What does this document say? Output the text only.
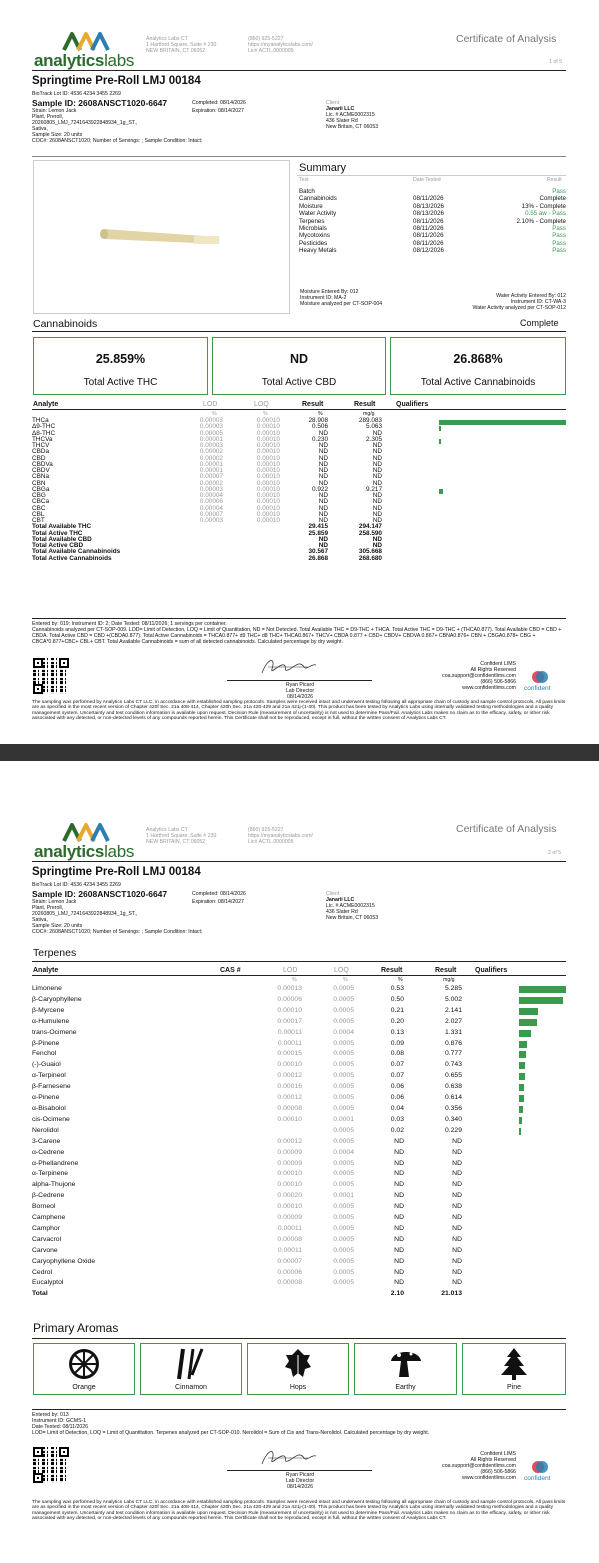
analyticslabs
Analytics Labs CT
1 Hartford Square, Suite # 230
NEW BRITAIN, CT 06052
(860) 925-5227
https://myanalyticslabs.com/
Lic# ACTL.0000005
Certificate of Analysis
1 of 5
Springtime Pre-Roll LMJ 00184
BioTrack Lot ID: 4536 4234 3455 2269
Sample ID: 2608ANSCT1020-6647	Completed: 08/14/2026
Expiration: 08/14/2027
Strain: Lemon Jack
Plant, Preroll,
20260805_LMJ_7241643922848934_1g_ST.,
Sativa,
Sample Size: 20 units
COC#: 2608ANSCT1020; Number of Servings: ; Sample Condition: Intact;
Client
Janarii LLC
Lic. # ACME0002315
436 Slater Rd
New Britain, CT 06053
Summary
Test	Date Tested	Result
Batch	Pass
Cannabinoids	08/11/2026	Complete
Moisture	08/13/2026	13% - Complete
Water Activity	08/13/2026	0.55 aw - Pass
Terpenes	08/11/2026	2.10% - Complete
Microbials	08/11/2026	Pass
Mycotoxins	08/11/2026	Pass
Pesticides	08/11/2026	Pass
Heavy Metals	08/12/2026	Pass
Moisture Entered By: 012
Instrument ID: MA-2
Moisture analyzed per CT-SOP-004
Water Activity Entered By: 012
Instrument ID: CT-WA-3
Water Activity analyzed per CT-SOP-012
Cannabinoids	Complete
25.859%
Total Active THC
ND
Total Active CBD
26.868%
Total Active Cannabinoids
Analyte	LOD	LOQ	Result	Result	Qualifiers
%	%	%	mg/g
THCa	0.00003	0.00010	28.908	289.083
Δ9-THC	0.00003	0.00010	0.506	5.063
Δ8-THC	0.00005	0.00010	ND	ND
THCVa	0.00001	0.00010	0.230	2.305
THCV	0.00003	0.00010	ND	ND
CBDa	0.00002	0.00010	ND	ND
CBD	0.00002	0.00010	ND	ND
CBDVa	0.00001	0.00010	ND	ND
CBDV	0.00001	0.00010	ND	ND
CBNa	0.00007	0.00010	ND	ND
CBN	0.00002	0.00010	ND	ND
CBGa	0.00003	0.00010	0.922	9.217
CBG	0.00004	0.00010	ND	ND
CBCa	0.00006	0.00010	ND	ND
CBC	0.00004	0.00010	ND	ND
CBL	0.00007	0.00010	ND	ND
CBT	0.00003	0.00010	ND	ND
Total Available THC			29.415	294.147
Total Active THC			25.859	258.590
Total Available CBD			ND	ND
Total Active CBD			ND	ND
Total Available Cannabinoids			30.567	305.668
Total Active Cannabinoids			26.868	268.680
Entered by: 019; Instrument ID: 2; Date Tested: 08/11/2026; 1 servings per container.
Cannabinoids analyzed per CT-SOP-009. LOD= Limit of Detection, LOQ = Limit of Quantitation, ND = Not Detected. Total Available THC = D9-THC + THCA. Total Active THC = D9-THC + (THCA0.877). Total Available CBD = CBD + CBDA. Total Active CBD = CBD +(CBDA0.877). Total Active Cannabinoids = THCA0.877+ d9 THC+ d8 THC+ THCA0.867+ THCV+ CBDA 0.877 + CBD+ CBDV+ CBDVA 0.867+ CBNA0.876+ CBN + CBGA0.878+ CBG + CBCA*0.877+CBC+ CBL+ CBT. Total Available Cannabinoids = sum of all detected cannabinoids. Calculated percentage by dry weight.
Ryan Picard
Lab Director
08/14/2026
Confident LIMS
All Rights Reserved
coa.support@confidentlims.com
(866) 506-5866
www.confidentlims.com confident
The sampling was performed by Analytics Labs CT LLC, in accordance with established sampling protocols. Samples were received intact and underwent testing following all appropriate chain of custody and sample control protocols. All pass limits are as specified in the most recent version of Chapter 420f Sec. 21a 408-414, Chapter 420h Sec. 21a 420-429 and 21a 421j-(1-40). This product has been tested by Analytics Labs using internally validated testing methodologies and a quality management system. Uncertainty and test condition information is available upon request. Decision Rule (measurement of uncertainty) is not used to determine Pass/Fail. Analytics Labs makes no claim as to the efficacy, safety, or other risk associated with any detected, or non-detected levels of any compounds reported herein. This Certificate shall not be reproduced, except in full, without the written consent of Analytics Labs CT.
analyticslabs
Analytics Labs CT
1 Hartford Square, Suite # 230
NEW BRITAIN, CT 06052
(860) 925-5227
https://myanalyticslabs.com/
Lic# ACTL.0000005
Certificate of Analysis
2 of 5
Springtime Pre-Roll LMJ 00184
BioTrack Lot ID: 4536 4234 3455 2269
Sample ID: 2608ANSCT1020-6647	Completed: 08/14/2026
Expiration: 08/14/2027
Strain: Lemon Jack
Plant, Preroll,
20260805_LMJ_7241643922848934_1g_ST.,
Sativa,
Sample Size: 20 units
COC#: 2608ANSCT1020; Number of Servings: ; Sample Condition: Intact;
Client
Janarii LLC
Lic. # ACME0002315
436 Slater Rd
New Britain, CT 06053
Terpenes
Analyte	CAS #	LOD	LOQ	Result	Result	Qualifiers
%	%	%	mg/g
Limonene		0.00013	0.0005	0.53	5.285
β-Caryophyllene		0.00006	0.0005	0.50	5.002
β-Myrcene		0.00010	0.0005	0.21	2.141
α-Humulene		0.00017	0.0005	0.20	2.027
trans-Ocimene		0.00011	0.0004	0.13	1.331
β-Pinene		0.00011	0.0005	0.09	0.876
Fenchol		0.00015	0.0005	0.08	0.777
(-)-Guaiol		0.00010	0.0005	0.07	0.743
α-Terpineol		0.00012	0.0005	0.07	0.655
β-Farnesene		0.00016	0.0005	0.06	0.638
α-Pinene		0.00012	0.0005	0.06	0.614
α-Bisabolol		0.00008	0.0005	0.04	0.356
cis-Ocimene		0.00010	0.0001	0.03	0.340
Nerolidol			0.0005	0.02	0.229
3-Carene		0.00012	0.0005	ND	ND
α-Cedrene		0.00009	0.0004	ND	ND
α-Phellandrene		0.00009	0.0005	ND	ND
α-Terpinene		0.00010	0.0005	ND	ND
alpha-Thujone		0.00010	0.0005	ND	ND
β-Cedrene		0.00020	0.0001	ND	ND
Borneol		0.00010	0.0005	ND	ND
Camphene		0.00009	0.0005	ND	ND
Camphor		0.00011	0.0005	ND	ND
Carvacrol		0.00008	0.0005	ND	ND
Carvone		0.00011	0.0005	ND	ND
Caryophyllene Oxide		0.00007	0.0005	ND	ND
Cedrol		0.00006	0.0005	ND	ND
Eucalyptol		0.00008	0.0005	ND	ND
Total				2.10	21.013
Primary Aromas
Orange	Cinnamon	Hops	Earthy	Pine
Entered by: 013
Instrument ID: GCMS-1
Date Tested: 08/11/2026
LOD= Limit of Detection, LOQ = Limit of Quantitation. Terpenes analyzed per CT-SOP-010. Nerolidol = Sum of Cis and Trans-Nerolidol. Calculated percentage by dry weight.
Ryan Picard
Lab Director
08/14/2026
Confident LIMS
All Rights Reserved
coa.support@confidentlims.com
(866) 506-5866
www.confidentlims.com confident
The sampling was performed by Analytics Labs CT LLC, in accordance with established sampling protocols. Samples were received intact and underwent testing following all appropriate chain of custody and sample control protocols. All pass limits are as specified in the most recent version of Chapter 420f Sec. 21a 408-414, Chapter 420h Sec. 21a 420-429 and 21a 421j-(1-40). This product has been tested by Analytics Labs using internally validated testing methodologies and a quality management system. Uncertainty and test condition information is available upon request. Decision Rule (measurement of uncertainty) is not used to determine Pass/Fail. Analytics Labs makes no claim as to the efficacy, safety, or other risk associated with any detected, or non-detected levels of any compounds reported herein. This Certificate shall not be reproduced, except in full, without the written consent of Analytics Labs CT.
